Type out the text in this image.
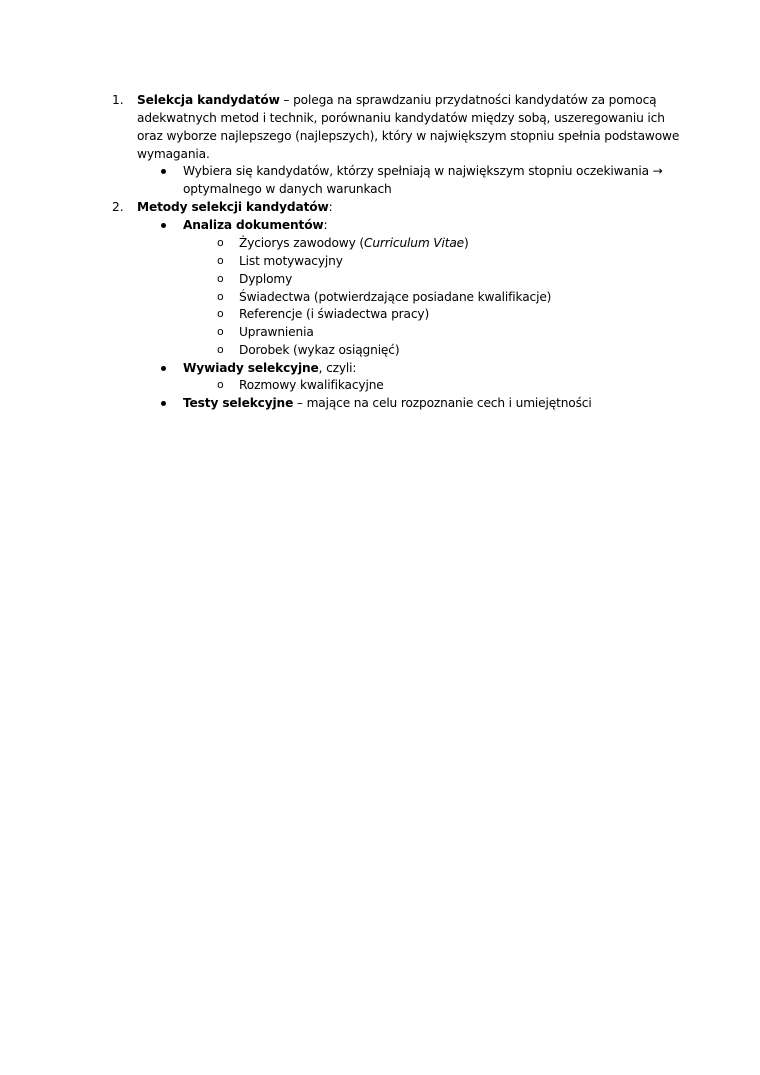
1. Selekcja kandydatów – polega na sprawdzaniu przydatności kandydatów za pomocą
adekwatnych metod i technik, porównaniu kandydatów między sobą, uszeregowaniu ich
oraz wyborze najlepszego (najlepszych), który w największym stopniu spełnia podstawowe
wymagania.
Wybiera się kandydatów, którzy spełniają w największym stopniu oczekiwania →
optymalnego w danych warunkach
2. Metody selekcji kandydatów:
Analiza dokumentów:
o Życiorys zawodowy (Curriculum Vitae)
o List motywacyjny
o Dyplomy
o Świadectwa (potwierdzające posiadane kwalifikacje)
o Referencje (i świadectwa pracy)
o Uprawnienia
o Dorobek (wykaz osiągnięć)
Wywiady selekcyjne, czyli:
o Rozmowy kwalifikacyjne
Testy selekcyjne – mające na celu rozpoznanie cech i umiejętności
